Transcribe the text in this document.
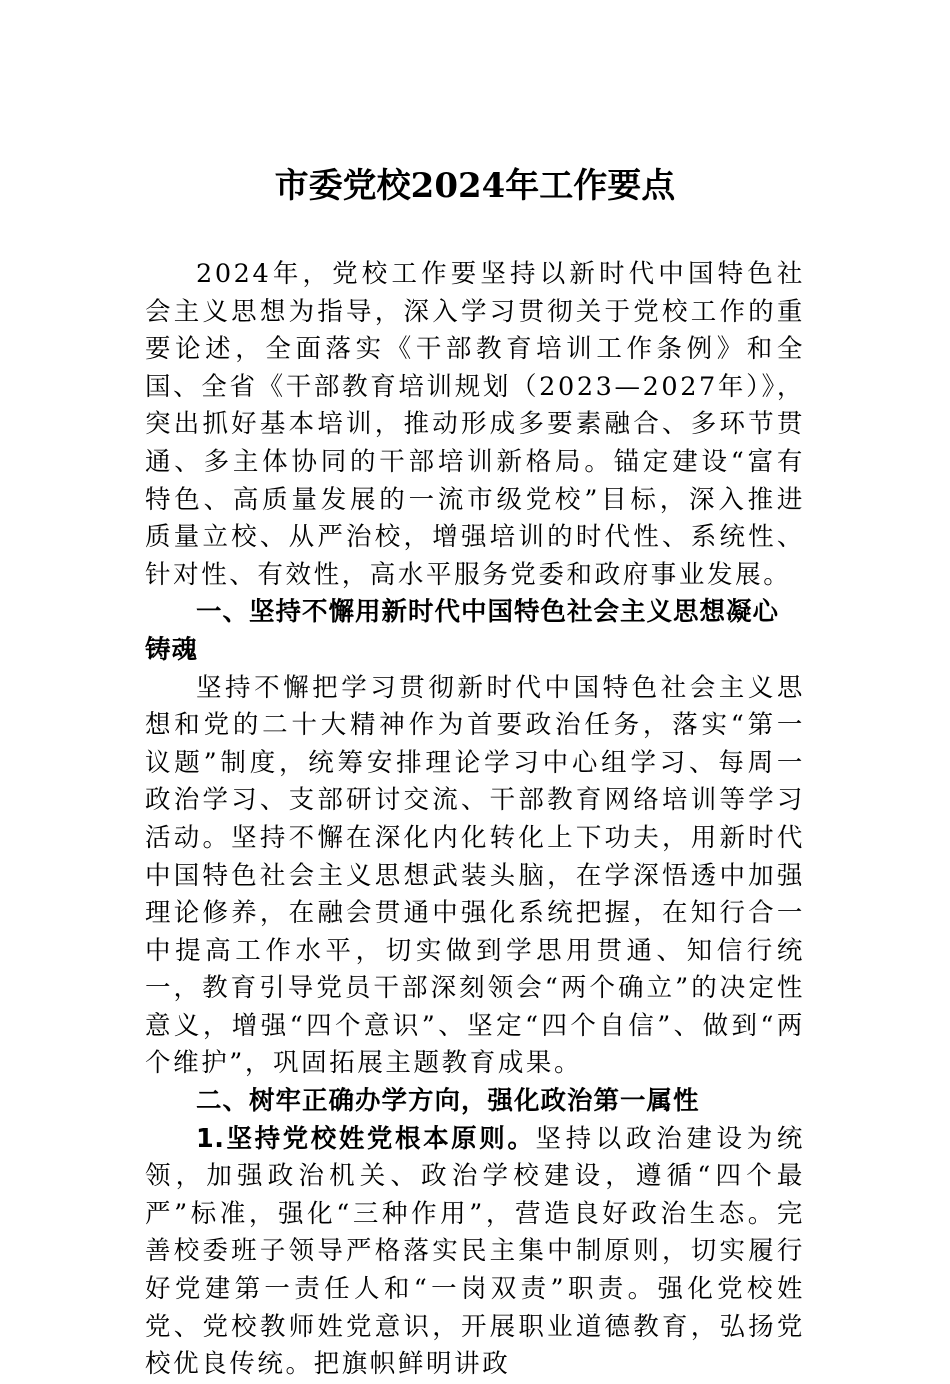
市委党校2024年工作要点

2024年，党校工作要坚持以新时代中国特色社会主义思想为指导，深入学习贯彻关于党校工作的重要论述，全面落实《干部教育培训工作条例》和全国、全省《干部教育培训规划（2023—2027年）》，突出抓好基本培训，推动形成多要素融合、多环节贯通、多主体协同的干部培训新格局。锚定建设“富有特色、高质量发展的一流市级党校”目标，深入推进质量立校、从严治校，增强培训的时代性、系统性、针对性、有效性，高水平服务党委和政府事业发展。

一、坚持不懈用新时代中国特色社会主义思想凝心铸魂

坚持不懈把学习贯彻新时代中国特色社会主义思想和党的二十大精神作为首要政治任务，落实“第一议题”制度，统筹安排理论学习中心组学习、每周一政治学习、支部研讨交流、干部教育网络培训等学习活动。坚持不懈在深化内化转化上下功夫，用新时代中国特色社会主义思想武装头脑，在学深悟透中加强理论修养，在融会贯通中强化系统把握，在知行合一中提高工作水平，切实做到学思用贯通、知信行统一，教育引导党员干部深刻领会“两个确立”的决定性意义，增强“四个意识”、坚定“四个自信”、做到“两个维护”，巩固拓展主题教育成果。

二、树牢正确办学方向，强化政治第一属性

1.坚持党校姓党根本原则。坚持以政治建设为统领，加强政治机关、政治学校建设，遵循“四个最严”标准，强化“三种作用”，营造良好政治生态。完善校委班子领导严格落实民主集中制原则，切实履行好党建第一责任人和“一岗双责”职责。强化党校姓党、党校教师姓党意识，开展职业道德教育，弘扬党校优良传统。把旗帜鲜明讲政
